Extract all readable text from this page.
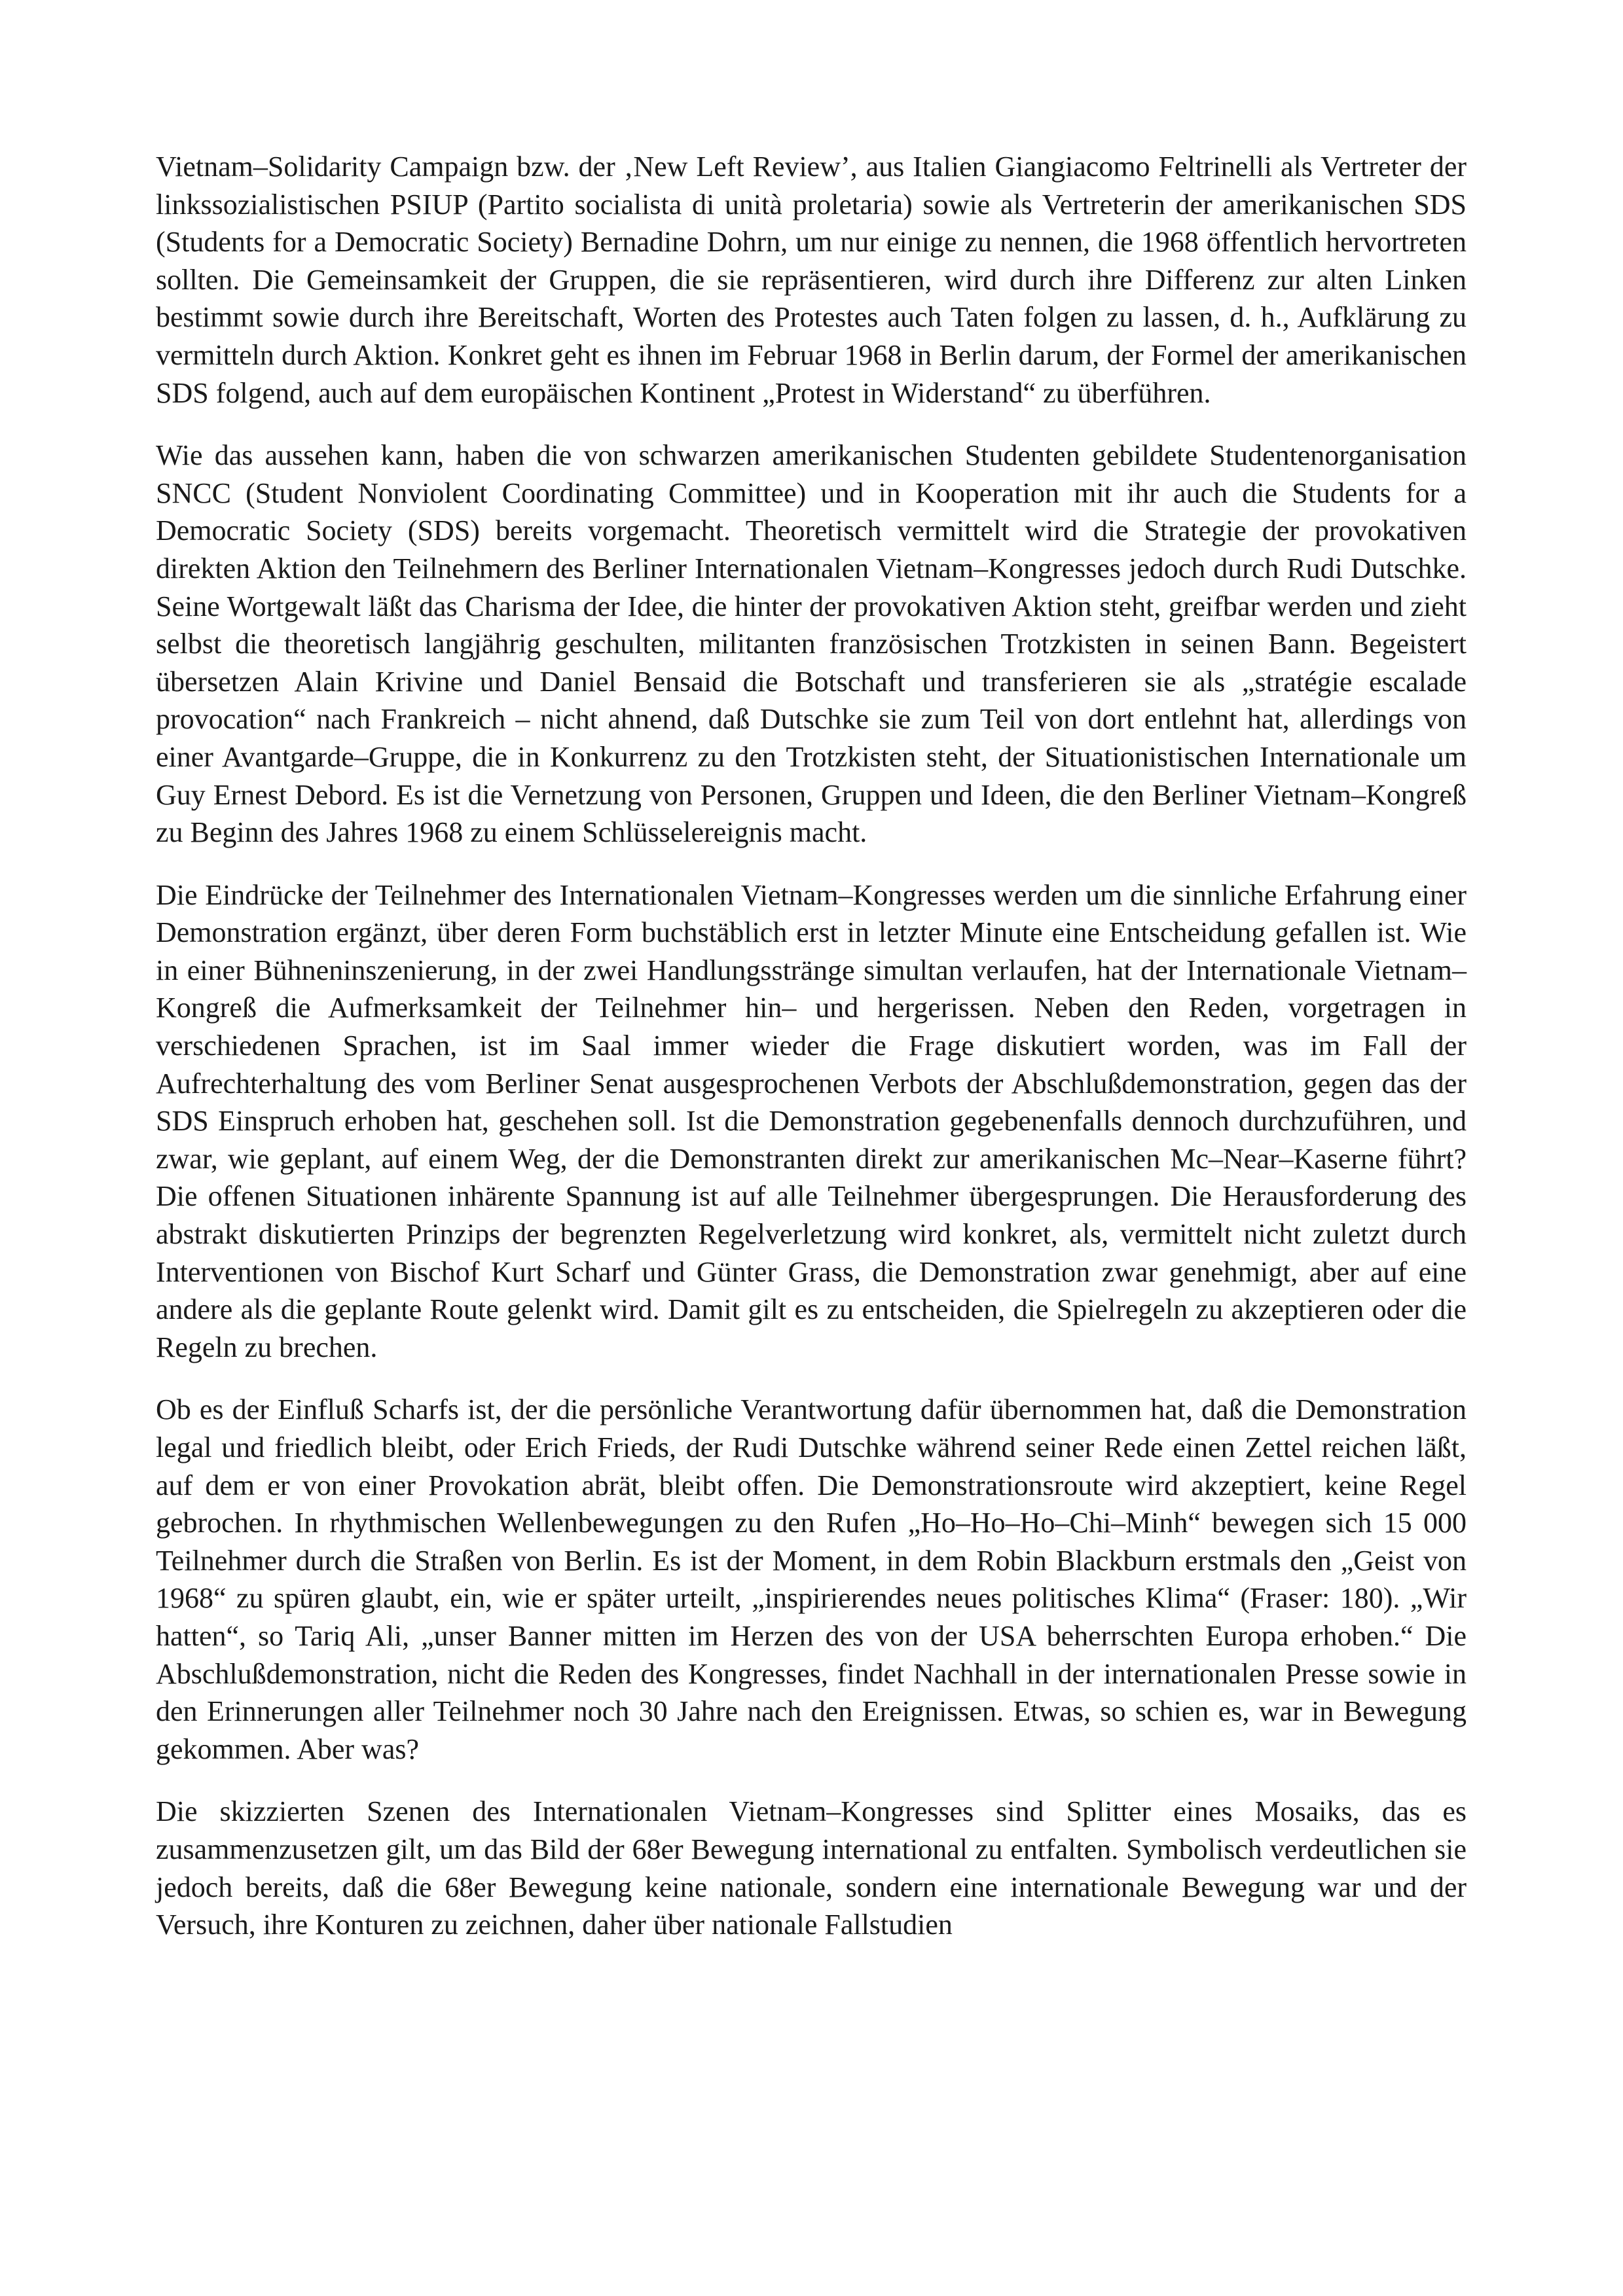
Vietnam–Solidarity Campaign bzw. der ‚New Left Review’, aus Italien Giangiacomo Feltrinelli als Vertreter der linkssozialistischen PSIUP (Partito socialista di unità proletaria) sowie als Vertreterin der amerikanischen SDS (Students for a Democratic Society) Bernadine Dohrn, um nur einige zu nennen, die 1968 öffentlich hervortreten sollten. Die Gemeinsamkeit der Gruppen, die sie repräsentieren, wird durch ihre Differenz zur alten Linken bestimmt sowie durch ihre Bereitschaft, Worten des Protestes auch Taten folgen zu lassen, d. h., Aufklärung zu vermitteln durch Aktion. Konkret geht es ihnen im Februar 1968 in Berlin darum, der Formel der amerikanischen SDS folgend, auch auf dem europäischen Kontinent „Protest in Widerstand“ zu überführen.

Wie das aussehen kann, haben die von schwarzen amerikanischen Studenten gebildete Studentenorganisation SNCC (Student Nonviolent Coordinating Committee) und in Kooperation mit ihr auch die Students for a Democratic Society (SDS) bereits vorgemacht. Theoretisch vermittelt wird die Strategie der provokativen direkten Aktion den Teilnehmern des Berliner Internationalen Vietnam–Kongresses jedoch durch Rudi Dutschke. Seine Wortgewalt läßt das Charisma der Idee, die hinter der provokativen Aktion steht, greifbar werden und zieht selbst die theoretisch langjährig geschulten, militanten französischen Trotzkisten in seinen Bann. Begeistert übersetzen Alain Krivine und Daniel Bensaid die Botschaft und transferieren sie als „stratégie escalade provocation“ nach Frankreich – nicht ahnend, daß Dutschke sie zum Teil von dort entlehnt hat, allerdings von einer Avantgarde–Gruppe, die in Konkurrenz zu den Trotzkisten steht, der Situationistischen Internationale um Guy Ernest Debord. Es ist die Vernetzung von Personen, Gruppen und Ideen, die den Berliner Vietnam–Kongreß zu Beginn des Jahres 1968 zu einem Schlüsselereignis macht.

Die Eindrücke der Teilnehmer des Internationalen Vietnam–Kongresses werden um die sinnliche Erfahrung einer Demonstration ergänzt, über deren Form buchstäblich erst in letzter Minute eine Entscheidung gefallen ist. Wie in einer Bühneninszenierung, in der zwei Handlungsstränge simultan verlaufen, hat der Internationale Vietnam–Kongreß die Aufmerksamkeit der Teilnehmer hin– und hergerissen. Neben den Reden, vorgetragen in verschiedenen Sprachen, ist im Saal immer wieder die Frage diskutiert worden, was im Fall der Aufrechterhaltung des vom Berliner Senat ausgesprochenen Verbots der Abschlußdemonstration, gegen das der SDS Einspruch erhoben hat, geschehen soll. Ist die Demonstration gegebenenfalls dennoch durchzuführen, und zwar, wie geplant, auf einem Weg, der die Demonstranten direkt zur amerikanischen Mc–Near–Kaserne führt? Die offenen Situationen inhärente Spannung ist auf alle Teilnehmer übergesprungen. Die Herausforderung des abstrakt diskutierten Prinzips der begrenzten Regelverletzung wird konkret, als, vermittelt nicht zuletzt durch Interventionen von Bischof Kurt Scharf und Günter Grass, die Demonstration zwar genehmigt, aber auf eine andere als die geplante Route gelenkt wird. Damit gilt es zu entscheiden, die Spielregeln zu akzeptieren oder die Regeln zu brechen.

Ob es der Einfluß Scharfs ist, der die persönliche Verantwortung dafür übernommen hat, daß die Demonstration legal und friedlich bleibt, oder Erich Frieds, der Rudi Dutschke während seiner Rede einen Zettel reichen läßt, auf dem er von einer Provokation abrät, bleibt offen. Die Demonstrationsroute wird akzeptiert, keine Regel gebrochen. In rhythmischen Wellenbewegungen zu den Rufen „Ho–Ho–Ho–Chi–Minh“ bewegen sich 15 000 Teilnehmer durch die Straßen von Berlin. Es ist der Moment, in dem Robin Blackburn erstmals den „Geist von 1968“ zu spüren glaubt, ein, wie er später urteilt, „inspirierendes neues politisches Klima“ (Fraser: 180). „Wir hatten“, so Tariq Ali, „unser Banner mitten im Herzen des von der USA beherrschten Europa erhoben.“ Die Abschlußdemonstration, nicht die Reden des Kongresses, findet Nachhall in der internationalen Presse sowie in den Erinnerungen aller Teilnehmer noch 30 Jahre nach den Ereignissen. Etwas, so schien es, war in Bewegung gekommen. Aber was?

Die skizzierten Szenen des Internationalen Vietnam–Kongresses sind Splitter eines Mosaiks, das es zusammenzusetzen gilt, um das Bild der 68er Bewegung international zu entfalten. Symbolisch verdeutlichen sie jedoch bereits, daß die 68er Bewegung keine nationale, sondern eine internationale Bewegung war und der Versuch, ihre Konturen zu zeichnen, daher über nationale Fallstudien
